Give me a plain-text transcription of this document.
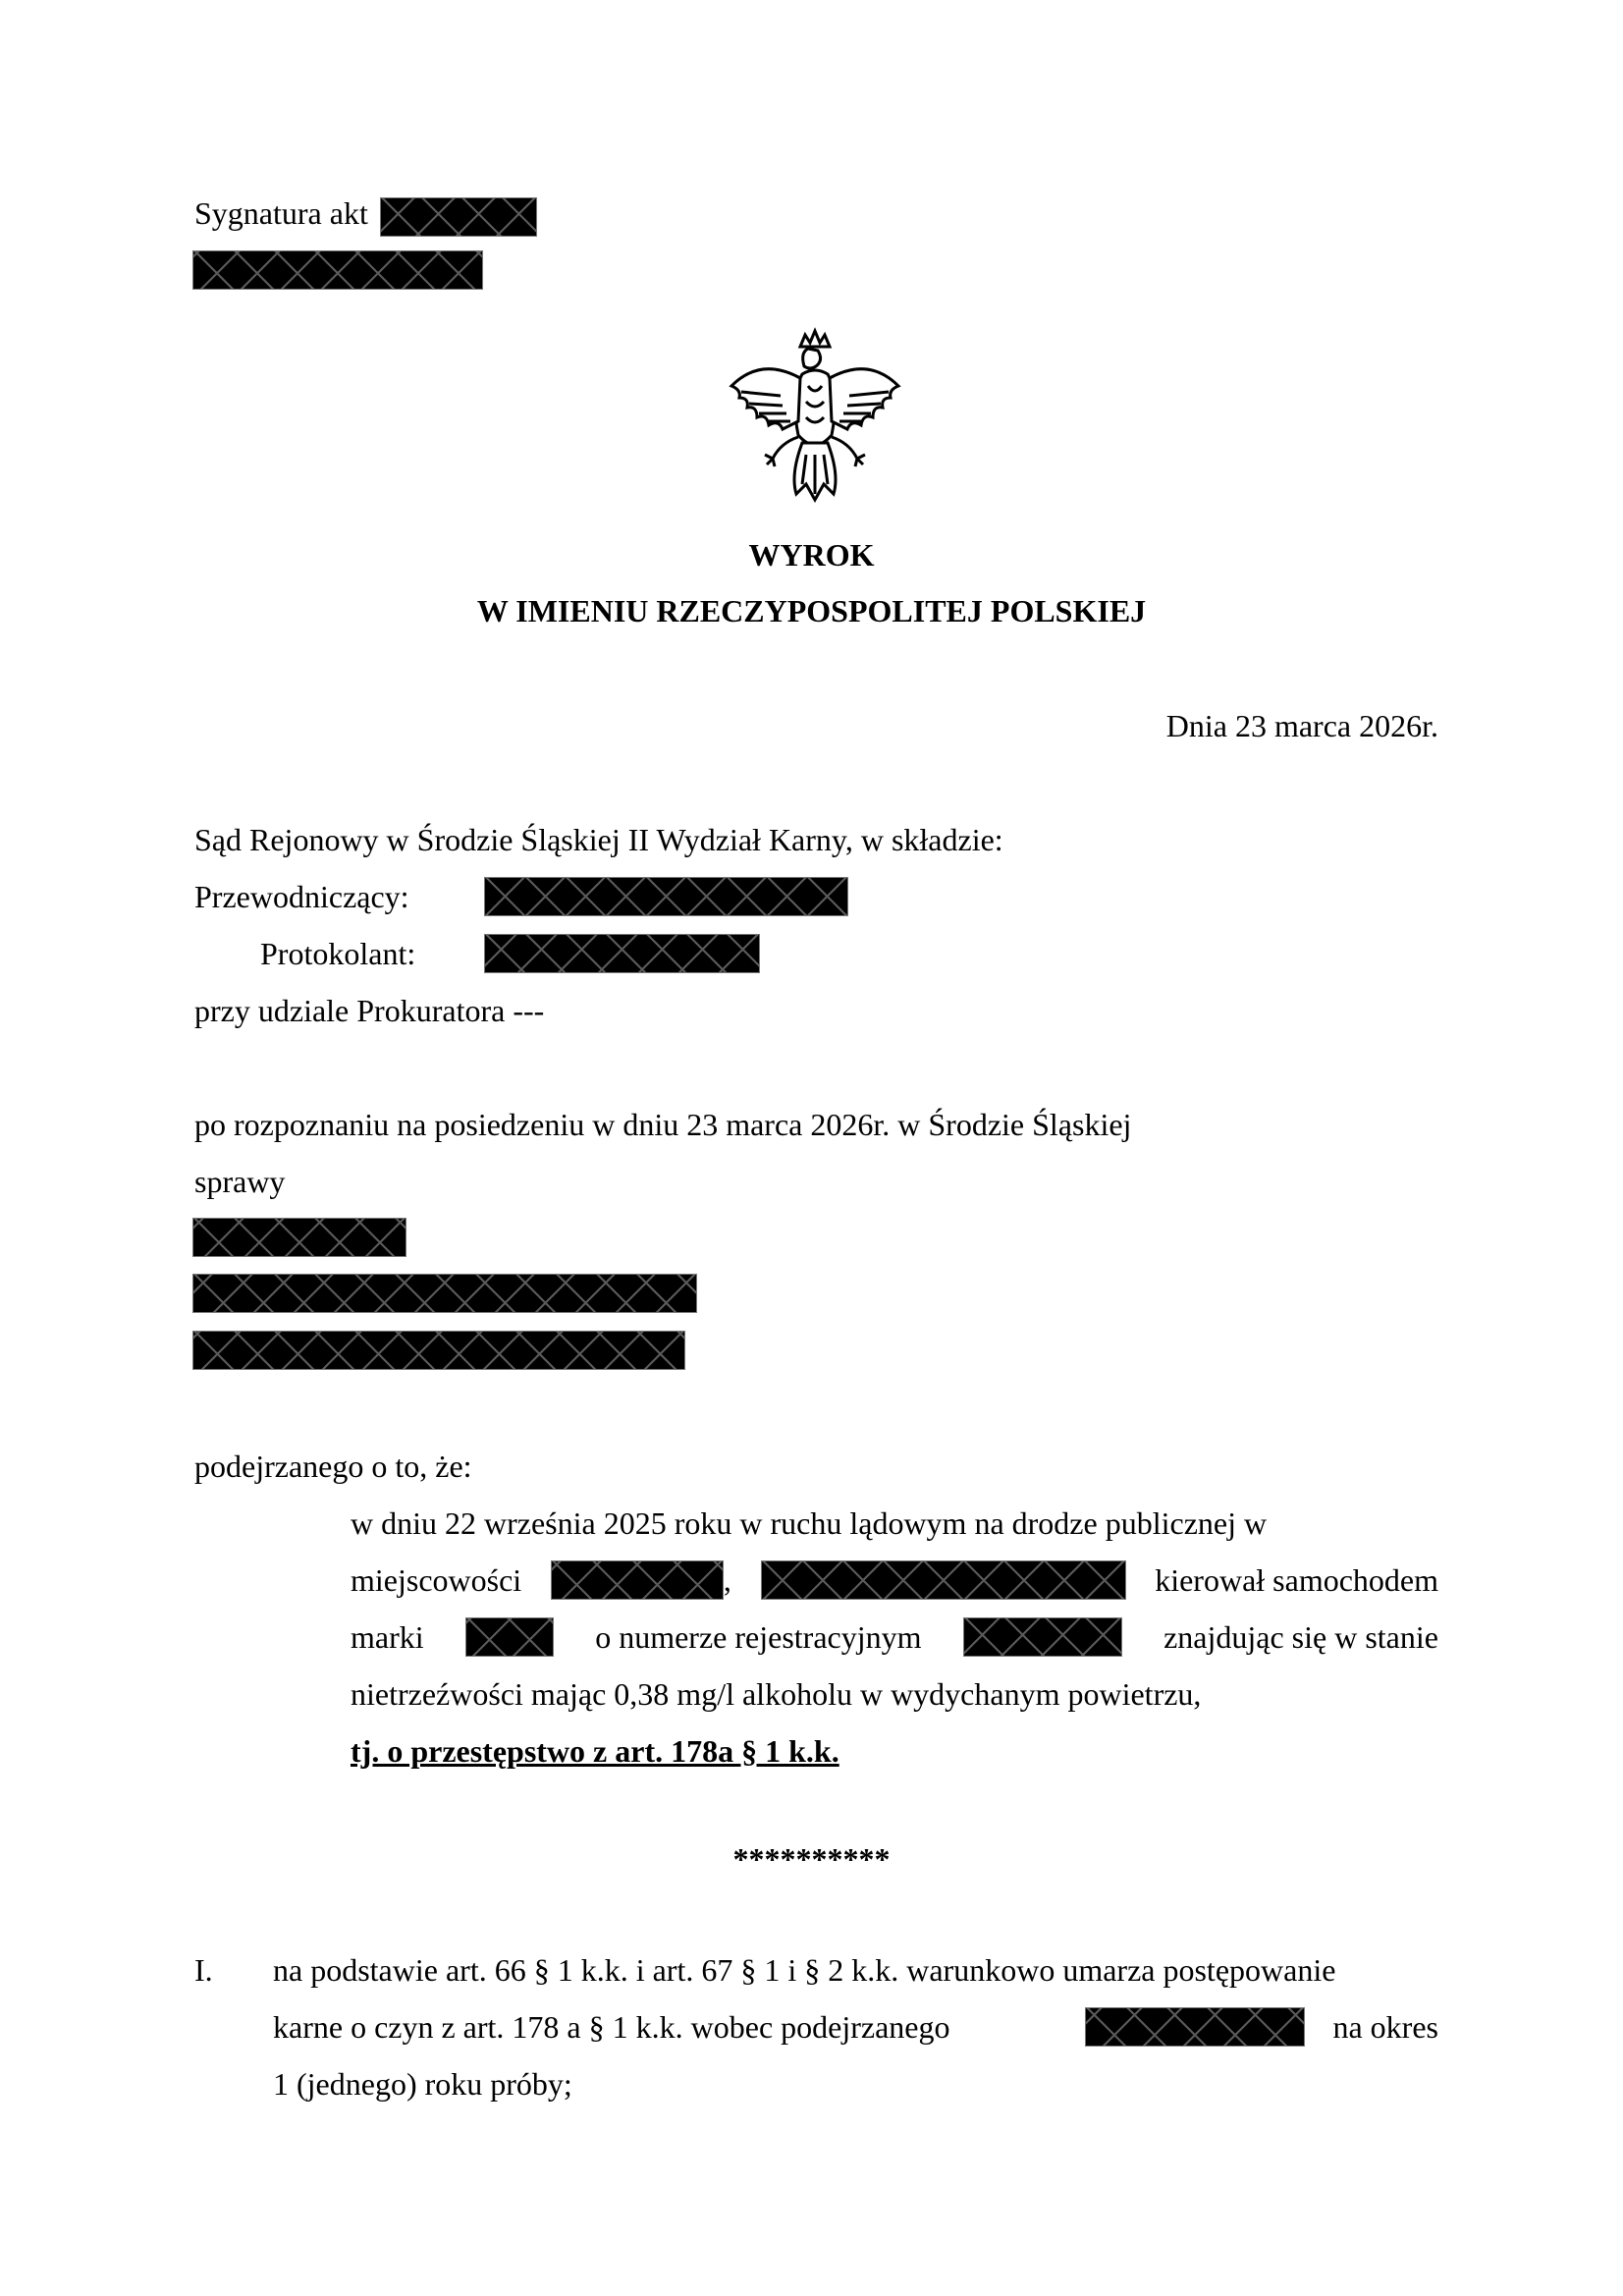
Sygnatura akt
WYROK
W IMIENIU RZECZYPOSPOLITEJ POLSKIEJ
Dnia 23 marca 2026r.
Sąd Rejonowy w Środzie Śląskiej II Wydział Karny, w składzie:
Przewodniczący:
Protokolant:
przy udziale Prokuratora ---
po rozpoznaniu na posiedzeniu w dniu 23 marca 2026r. w Środzie Śląskiej
sprawy
podejrzanego o to, że:
w dniu 22 września 2025 roku w ruchu lądowym na drodze publicznej w
miejscowości	,	kierował samochodem
marki	o numerze rejestracyjnym	znajdując się w stanie
nietrzeźwości mając 0,38 mg/l alkoholu w wydychanym powietrzu,
tj. o przestępstwo z art. 178a § 1 k.k.
**********
I. na podstawie art. 66 § 1 k.k. i art. 67 § 1 i § 2 k.k. warunkowo umarza postępowanie
karne o czyn z art. 178 a § 1 k.k. wobec podejrzanego	na okres
1 (jednego) roku próby;
